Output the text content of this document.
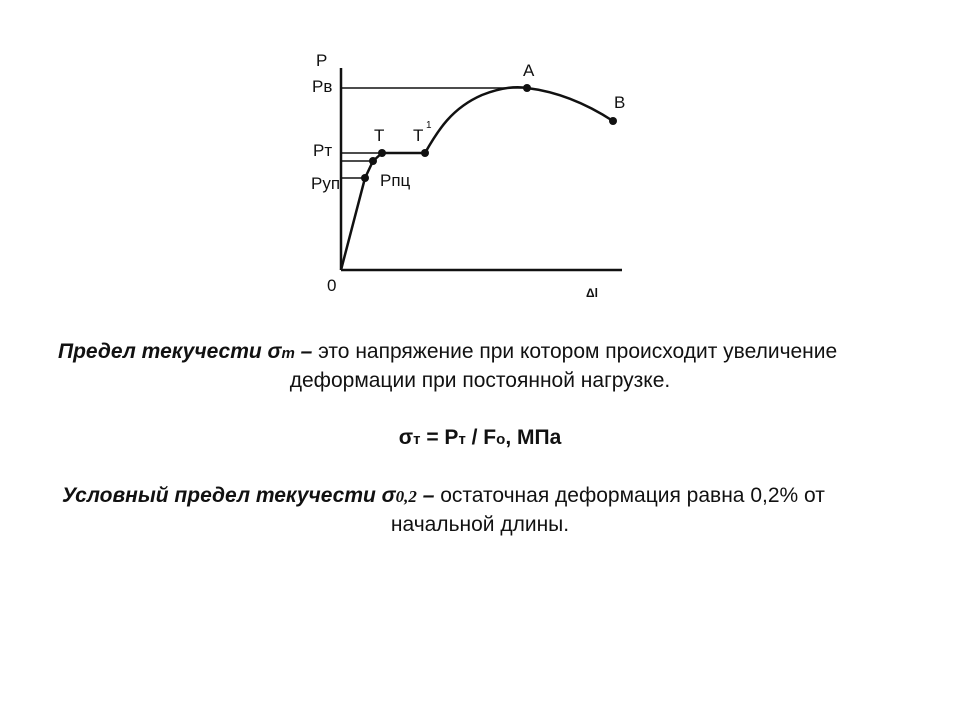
P
0	Δl
Pв
Pт
Pуп Pпц
A
B
T T
1
Предел текучести σт – это напряжение при котором происходит увеличение
деформации при постоянной нагрузке.
σт = Pт / Fo, МПа
Условный предел текучести σ0,2 – остаточная деформация равна 0,2% от
начальной длины.
